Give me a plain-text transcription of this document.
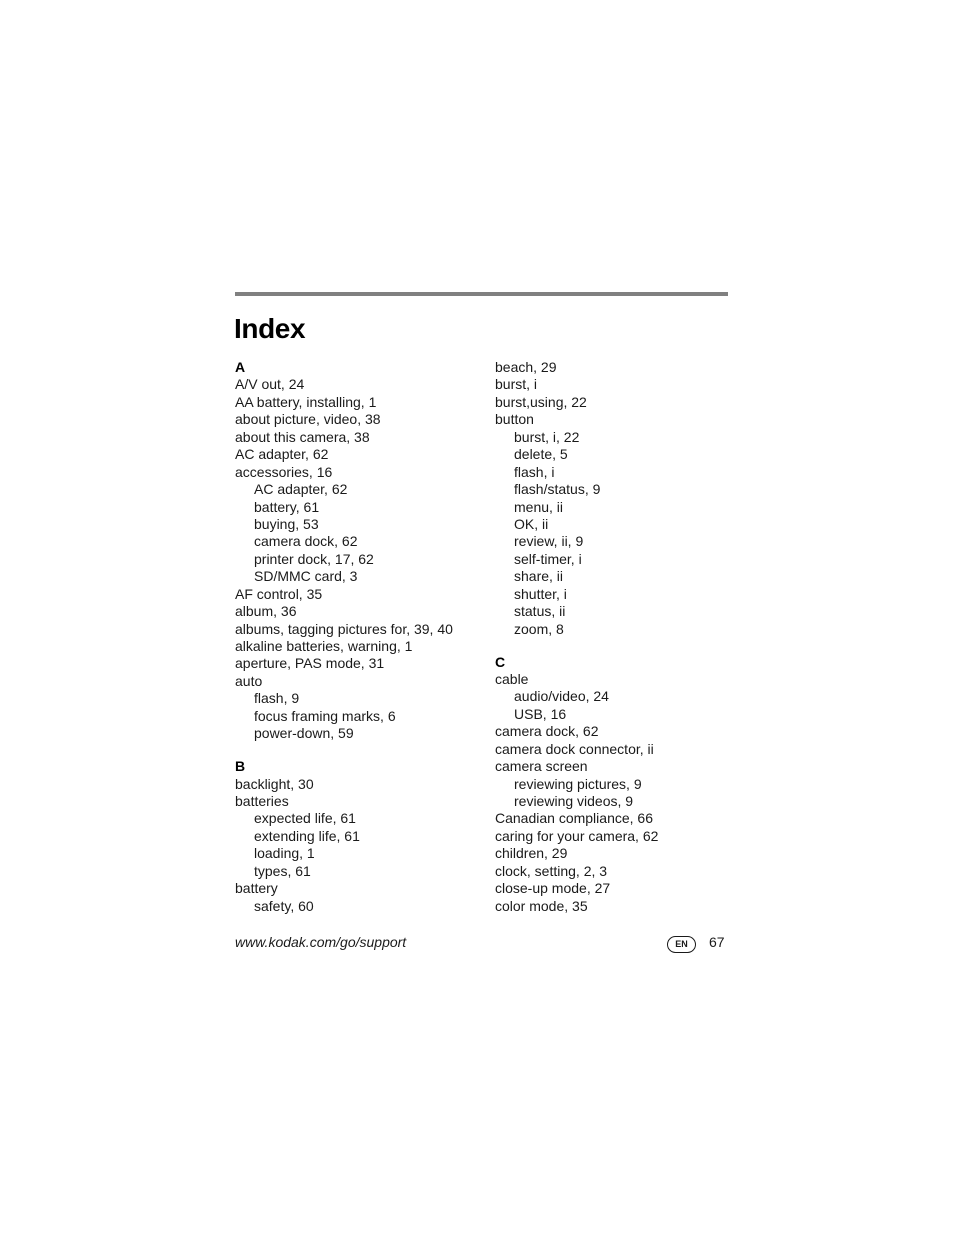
Index
A
A/V out, 24
AA battery, installing, 1
about picture, video, 38
about this camera, 38
AC adapter, 62
accessories, 16
AC adapter, 62
battery, 61
buying, 53
camera dock, 62
printer dock, 17, 62
SD/MMC card, 3
AF control, 35
album, 36
albums, tagging pictures for, 39, 40
alkaline batteries, warning, 1
aperture, PAS mode, 31
auto
flash, 9
focus framing marks, 6
power-down, 59
B
backlight, 30
batteries
expected life, 61
extending life, 61
loading, 1
types, 61
battery
safety, 60
beach, 29
burst, i
burst,using, 22
button
burst, i, 22
delete, 5
flash, i
flash/status, 9
menu, ii
OK, ii
review, ii, 9
self-timer, i
share, ii
shutter, i
status, ii
zoom, 8
C
cable
audio/video, 24
USB, 16
camera dock, 62
camera dock connector, ii
camera screen
reviewing pictures, 9
reviewing videos, 9
Canadian compliance, 66
caring for your camera, 62
children, 29
clock, setting, 2, 3
close-up mode, 27
color mode, 35
www.kodak.com/go/support	EN	67
